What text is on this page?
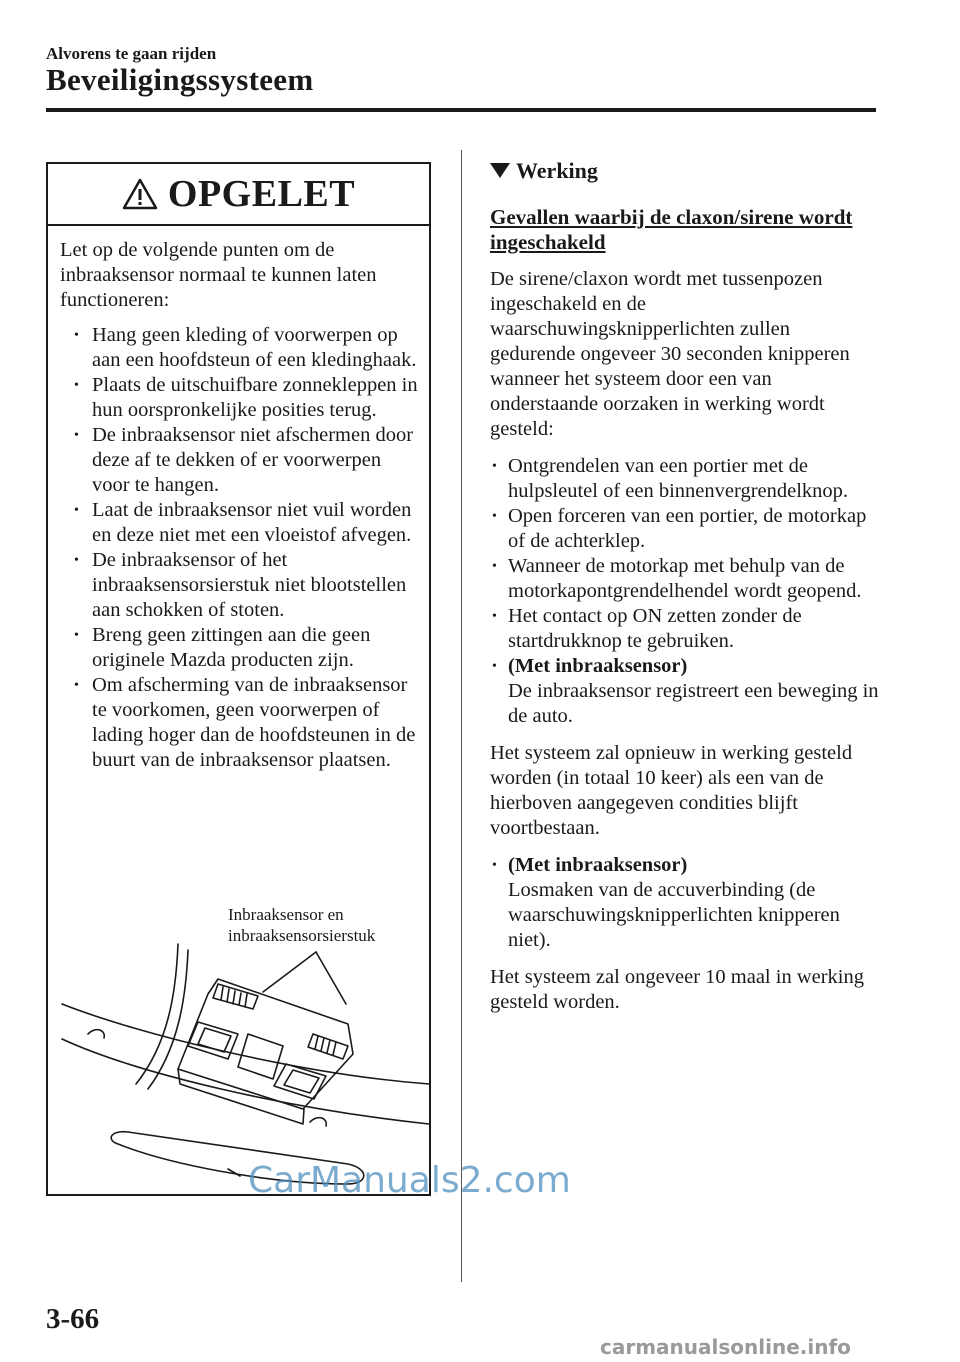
Alvorens te gaan rijden
Beveiligingssysteem
OPGELET

Let op de volgende punten om de inbraaksensor normaal te kunnen laten functioneren:

• Hang geen kleding of voorwerpen op aan een hoofdsteun of een kledinghaak.
• Plaats de uitschuifbare zonnekleppen in hun oorspronkelijke posities terug.
• De inbraaksensor niet afschermen door deze af te dekken of er voorwerpen voor te hangen.
• Laat de inbraaksensor niet vuil worden en deze niet met een vloeistof afvegen.
• De inbraaksensor of het inbraaksensorsierstuk niet blootstellen aan schokken of stoten.
• Breng geen zittingen aan die geen originele Mazda producten zijn.
• Om afscherming van de inbraaksensor te voorkomen, geen voorwerpen of lading hoger dan de hoofdsteunen in de buurt van de inbraaksensor plaatsen.
Inbraaksensor en
inbraaksensorsierstuk
Werking
Gevallen waarbij de claxon/sirene wordt ingeschakeld

De sirene/claxon wordt met tussenpozen ingeschakeld en de waarschuwingsknipperlichten zullen gedurende ongeveer 30 seconden knipperen wanneer het systeem door een van onderstaande oorzaken in werking wordt gesteld:

• Ontgrendelen van een portier met de hulpsleutel of een binnenvergrendelknop.
• Open forceren van een portier, de motorkap of de achterklep.
• Wanneer de motorkap met behulp van de motorkapontgrendelhendel wordt geopend.
• Het contact op ON zetten zonder de startdrukknop te gebruiken.
• (Met inbraaksensor)
De inbraaksensor registreert een beweging in de auto.

Het systeem zal opnieuw in werking gesteld worden (in totaal 10 keer) als een van de hierboven aangegeven condities blijft voortbestaan.

• (Met inbraaksensor)
Losmaken van de accuverbinding (de waarschuwingsknipperlichten knipperen niet).

Het systeem zal ongeveer 10 maal in werking gesteld worden.

3-66
CarManuals2.com
carmanualsonline.info
